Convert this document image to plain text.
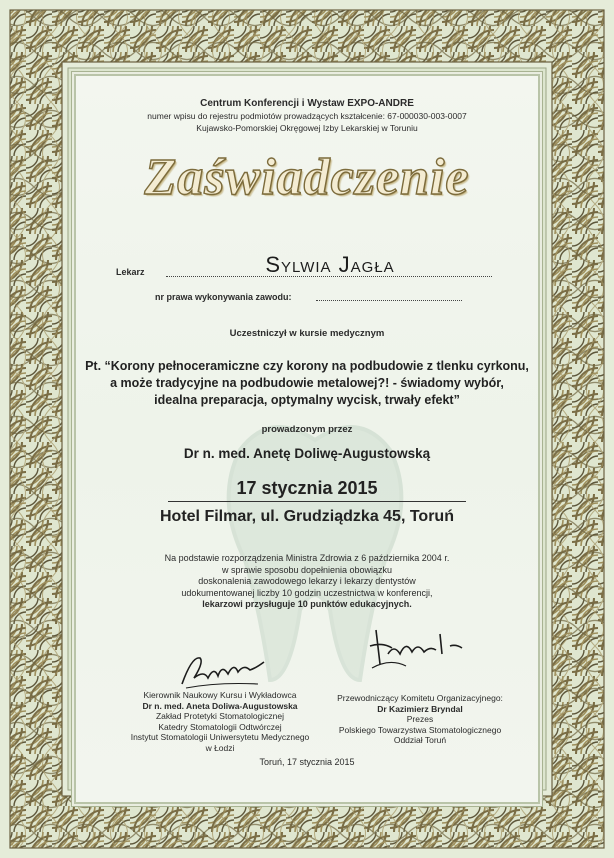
Centrum Konferencji i Wystaw EXPO-ANDRE
numer wpisu do rejestru podmiotów prowadzących kształcenie: 67-000030-003-0007
Kujawsko-Pomorskiej Okręgowej Izby Lekarskiej w Toruniu
Zaświadczenie
Lekarz	Sylwia Jagła
nr prawa wykonywania zawodu:
Uczestniczył w kursie medycznym
Pt. “Korony pełnoceramiczne czy korony na podbudowie z tlenku cyrkonu,
a może tradycyjne na podbudowie metalowej?! - świadomy wybór,
idealna preparacja, optymalny wycisk, trwały efekt”
prowadzonym przez
Dr n. med. Anetę Doliwę-Augustowską
17 stycznia 2015
Hotel Filmar, ul. Grudziądzka 45, Toruń
Na podstawie rozporządzenia Ministra Zdrowia z 6 października 2004 r.
w sprawie sposobu dopełnienia obowiązku
doskonalenia zawodowego lekarzy i lekarzy dentystów
udokumentowanej liczby 10 godzin uczestnictwa w konferencji,
lekarzowi przysługuje 10 punktów edukacyjnych.
Kierownik Naukowy Kursu i Wykładowca
Dr n. med. Aneta Doliwa-Augustowska
Zakład Protetyki Stomatologicznej
Katedry Stomatologii Odtwórczej
Instytut Stomatologii Uniwersytetu Medycznego
w Łodzi
Przewodniczący Komitetu Organizacyjnego:
Dr Kazimierz Bryndal
Prezes
Polskiego Towarzystwa Stomatologicznego
Oddział Toruń
Toruń, 17 stycznia 2015
